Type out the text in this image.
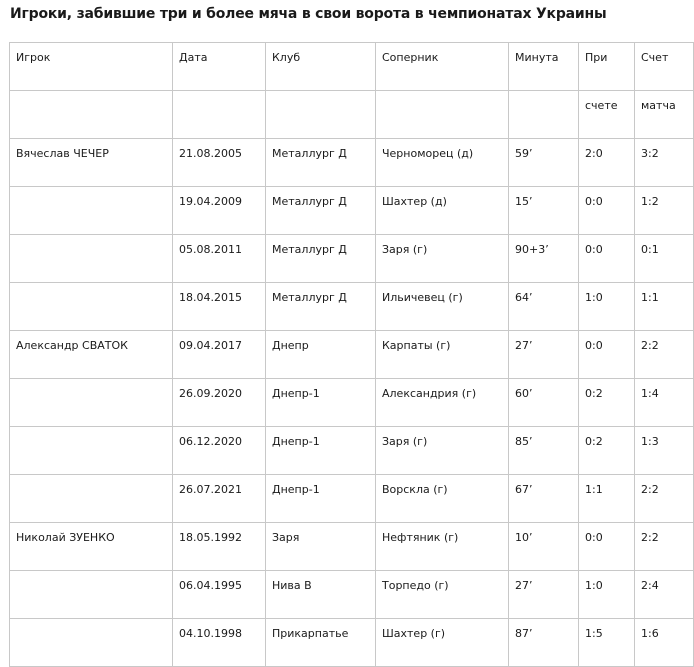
Игроки, забившие три и более мяча в свои ворота в чемпионатах Украины
Игрок	Дата	Клуб	Соперник	Минута	При	Счет
					счете	матча
Вячеслав ЧЕЧЕР	21.08.2005	Металлург Д	Черноморец (д)	59’	2:0	3:2
	19.04.2009	Металлург Д	Шахтер (д)	15’	0:0	1:2
	05.08.2011	Металлург Д	Заря (г)	90+3’	0:0	0:1
	18.04.2015	Металлург Д	Ильичевец (г)	64’	1:0	1:1
Александр СВАТОК	09.04.2017	Днепр	Карпаты (г)	27’	0:0	2:2
	26.09.2020	Днепр-1	Александрия (г)	60’	0:2	1:4
	06.12.2020	Днепр-1	Заря (г)	85’	0:2	1:3
	26.07.2021	Днепр-1	Ворскла (г)	67’	1:1	2:2
Николай ЗУЕНКО	18.05.1992	Заря	Нефтяник (г)	10’	0:0	2:2
	06.04.1995	Нива В	Торпедо (г)	27’	1:0	2:4
	04.10.1998	Прикарпатье	Шахтер (г)	87’	1:5	1:6
